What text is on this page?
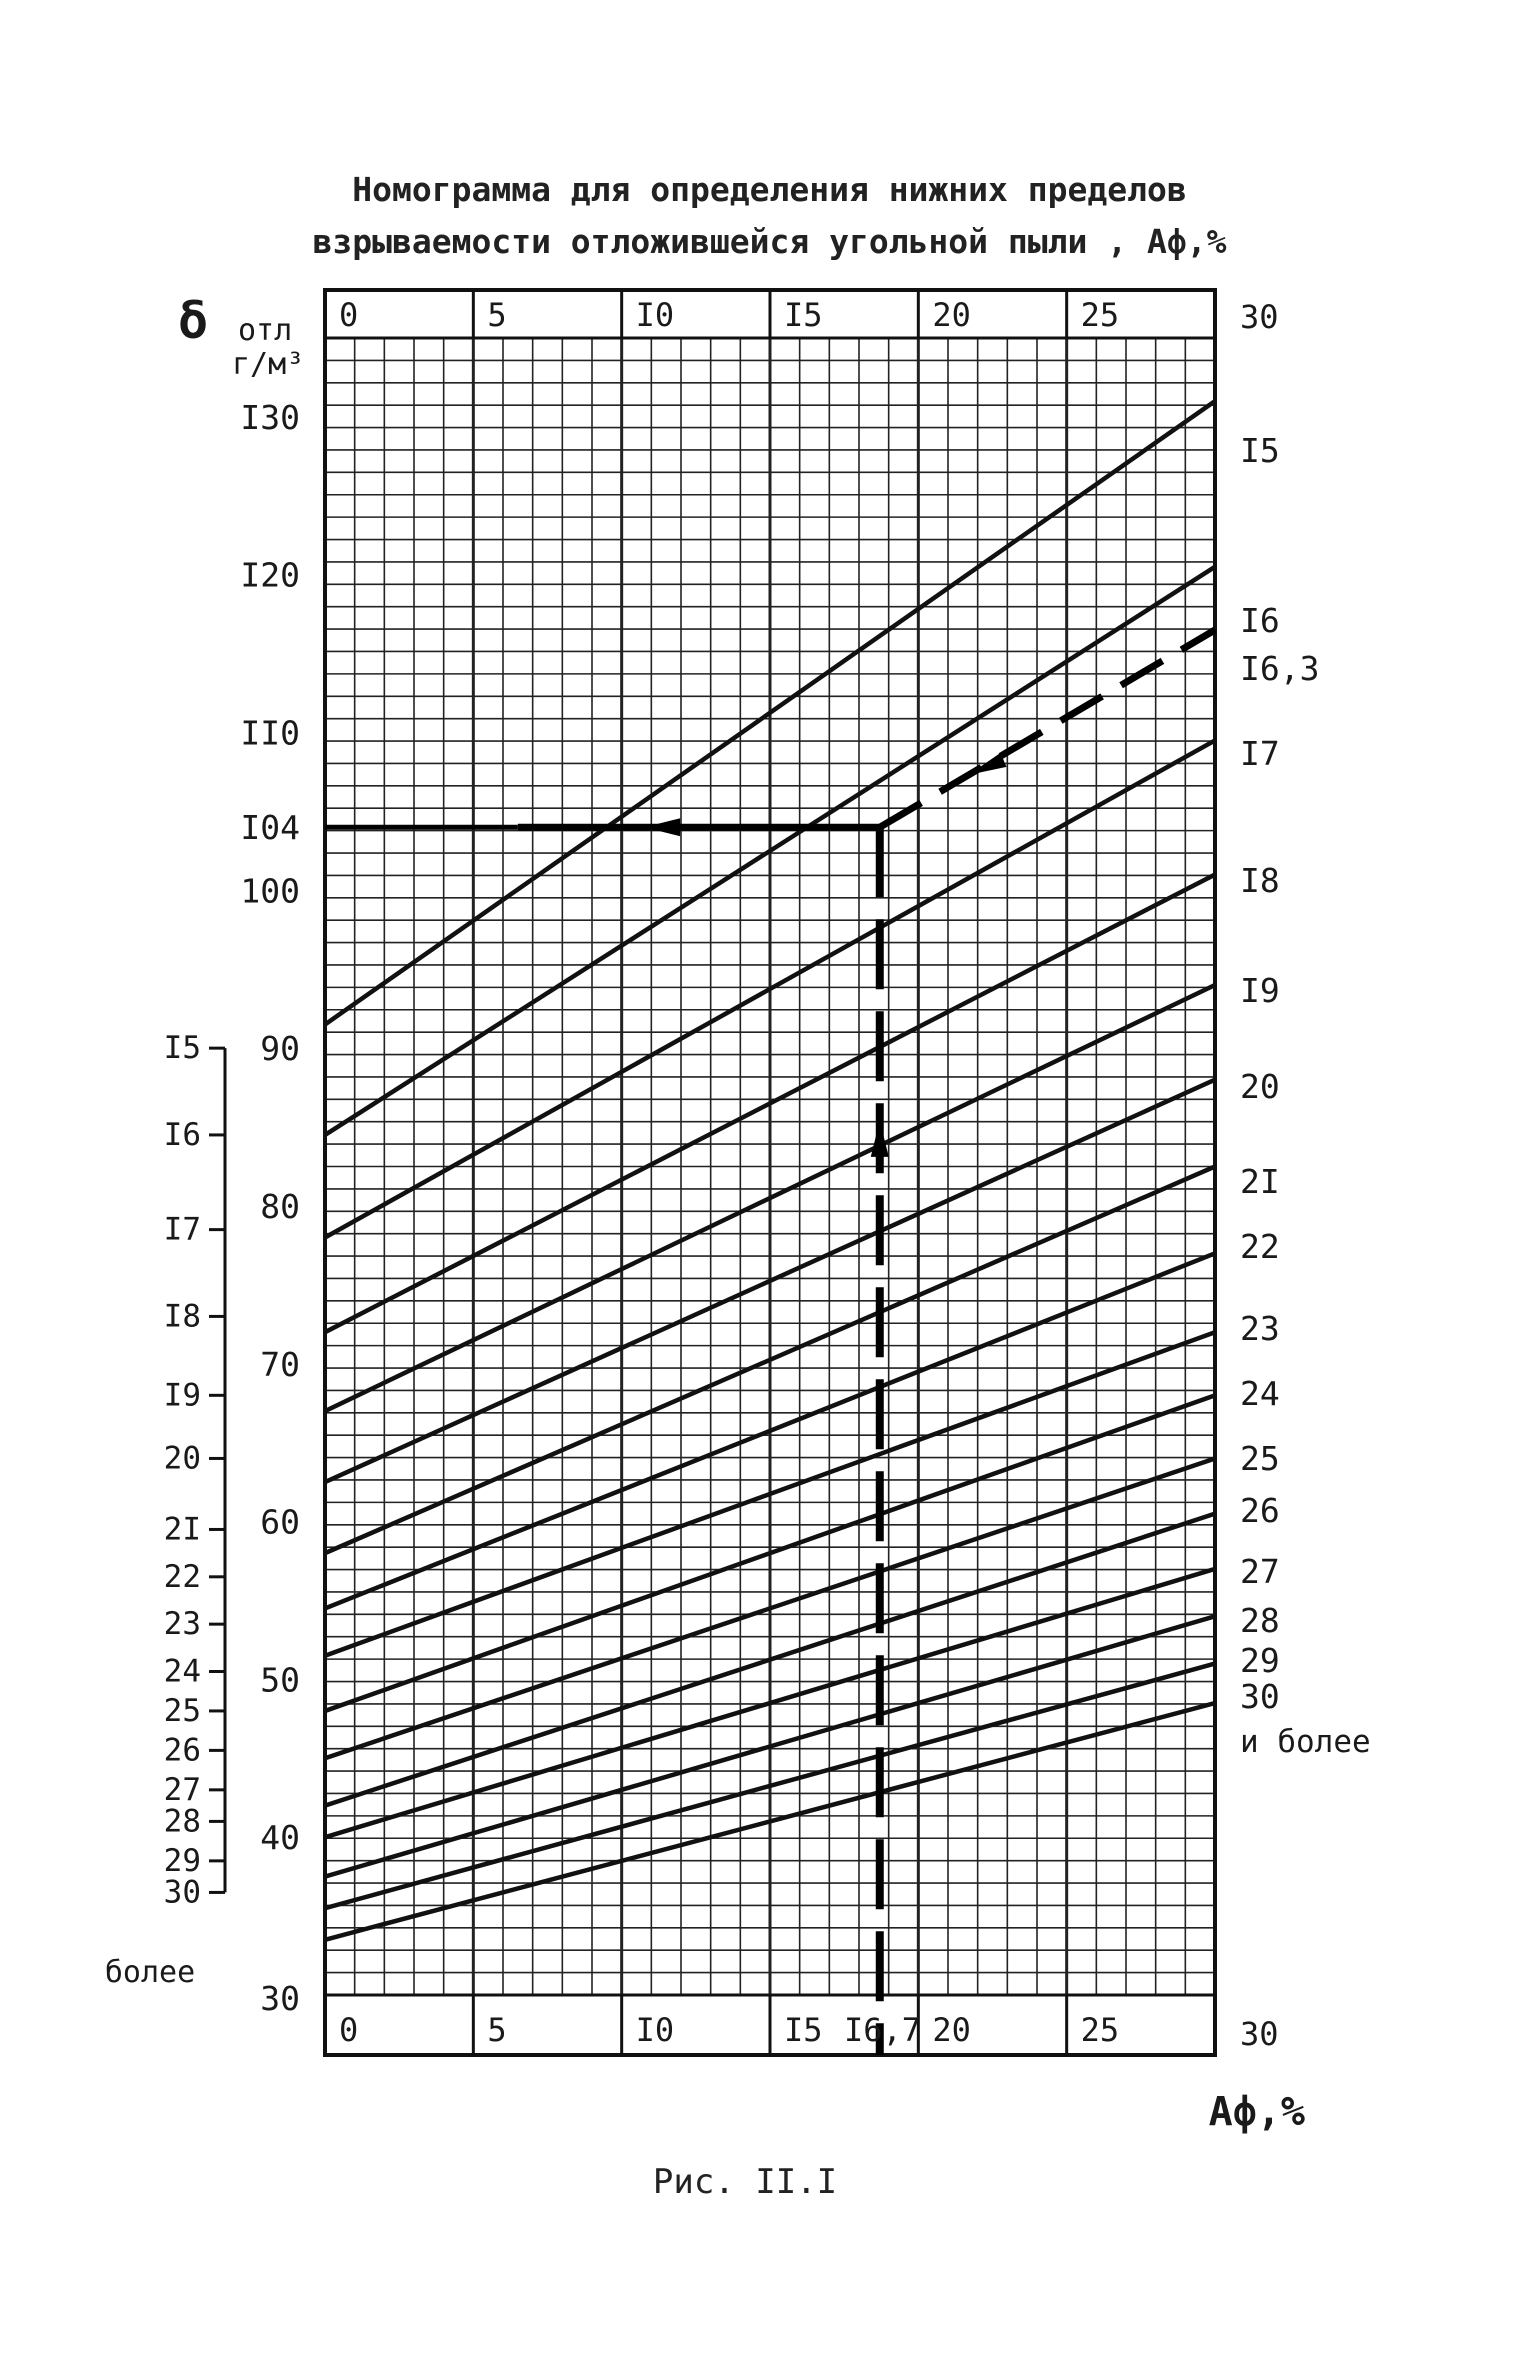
Номограмма для определения нижних пределов
взрываемости отложившейся угольной пыли , Аф,%
0
0
5
5
I0
I0
I5
I5
20
20
25
25
30
30
I6,7
30
40
50
60
70
80
90
100
I04
II0
I20
I30
δ отл
г/м³
I5
I6
I6,3
I7
I8
I9
20
2I
22
23
24
25
26
27
28
29
30
и более
Аф,%
I5
I6
I7
I8
I9
20
2I
22
23
24
25
26
27
28
29
30
более
Рис. II.I
